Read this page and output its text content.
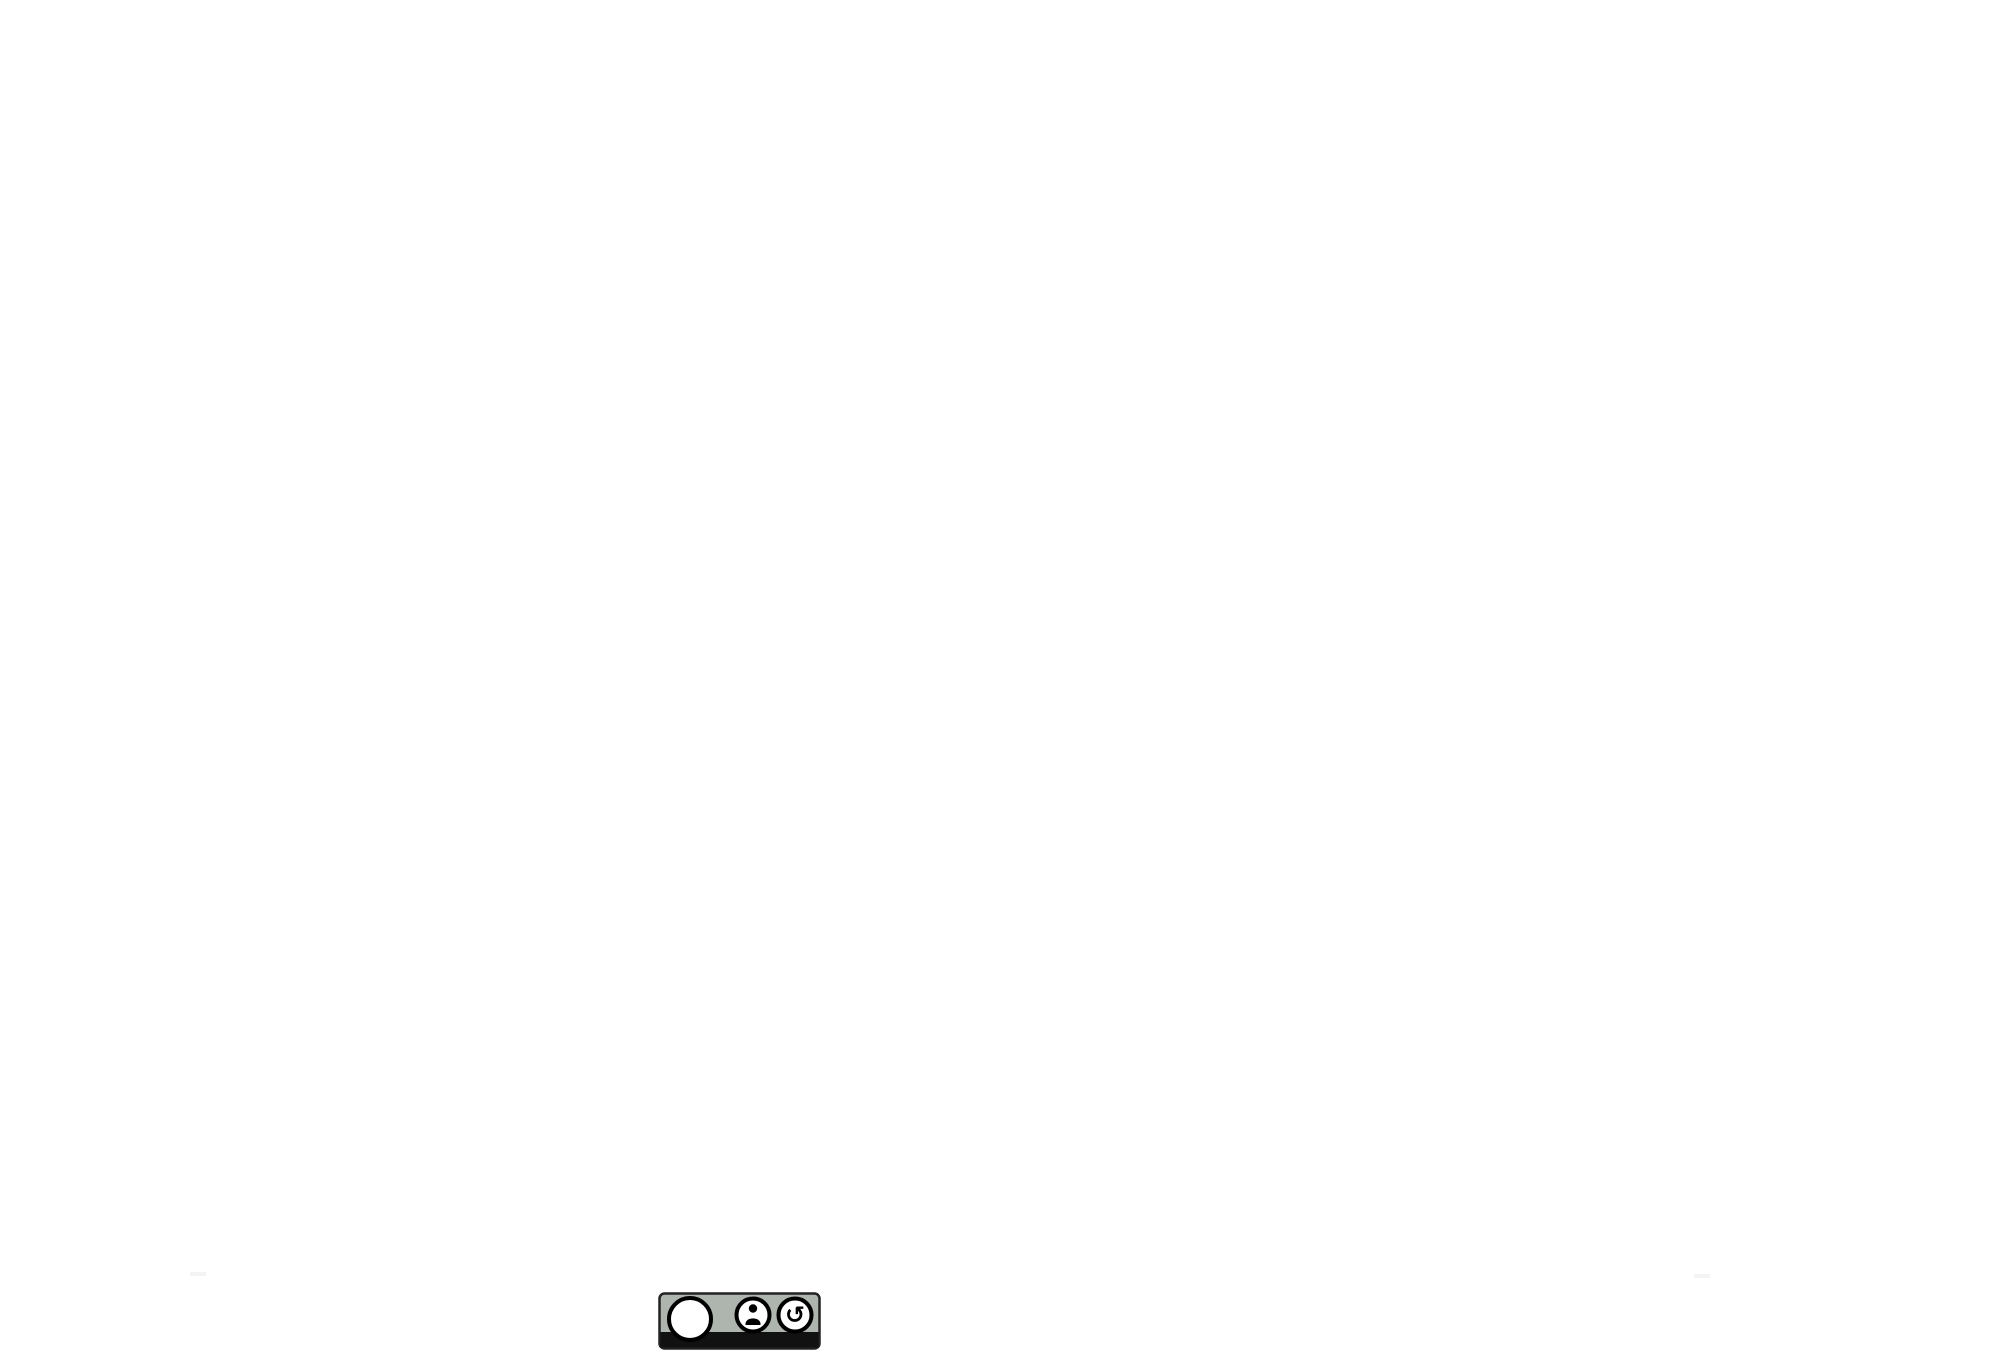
↺
